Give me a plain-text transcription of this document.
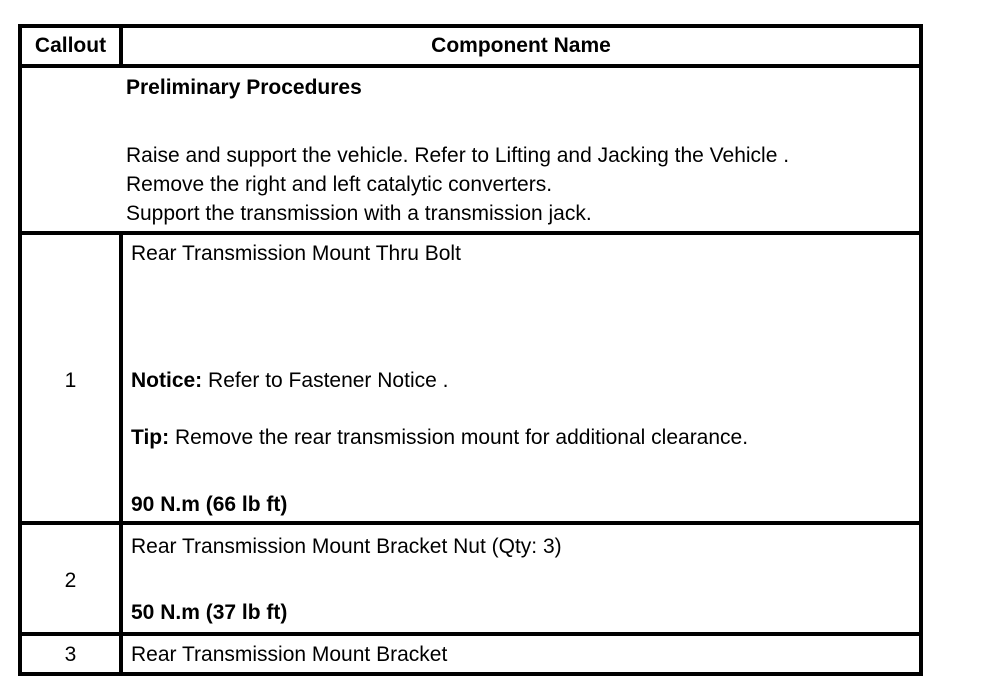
Callout	Component Name
Preliminary Procedures
Raise and support the vehicle. Refer to Lifting and Jacking the Vehicle .
Remove the right and left catalytic converters.
Support the transmission with a transmission jack.
1
Rear Transmission Mount Thru Bolt
Notice: Refer to Fastener Notice .
Tip: Remove the rear transmission mount for additional clearance.
90 N.m (66 lb ft)
2
Rear Transmission Mount Bracket Nut (Qty: 3)
50 N.m (37 lb ft)
3	Rear Transmission Mount Bracket
